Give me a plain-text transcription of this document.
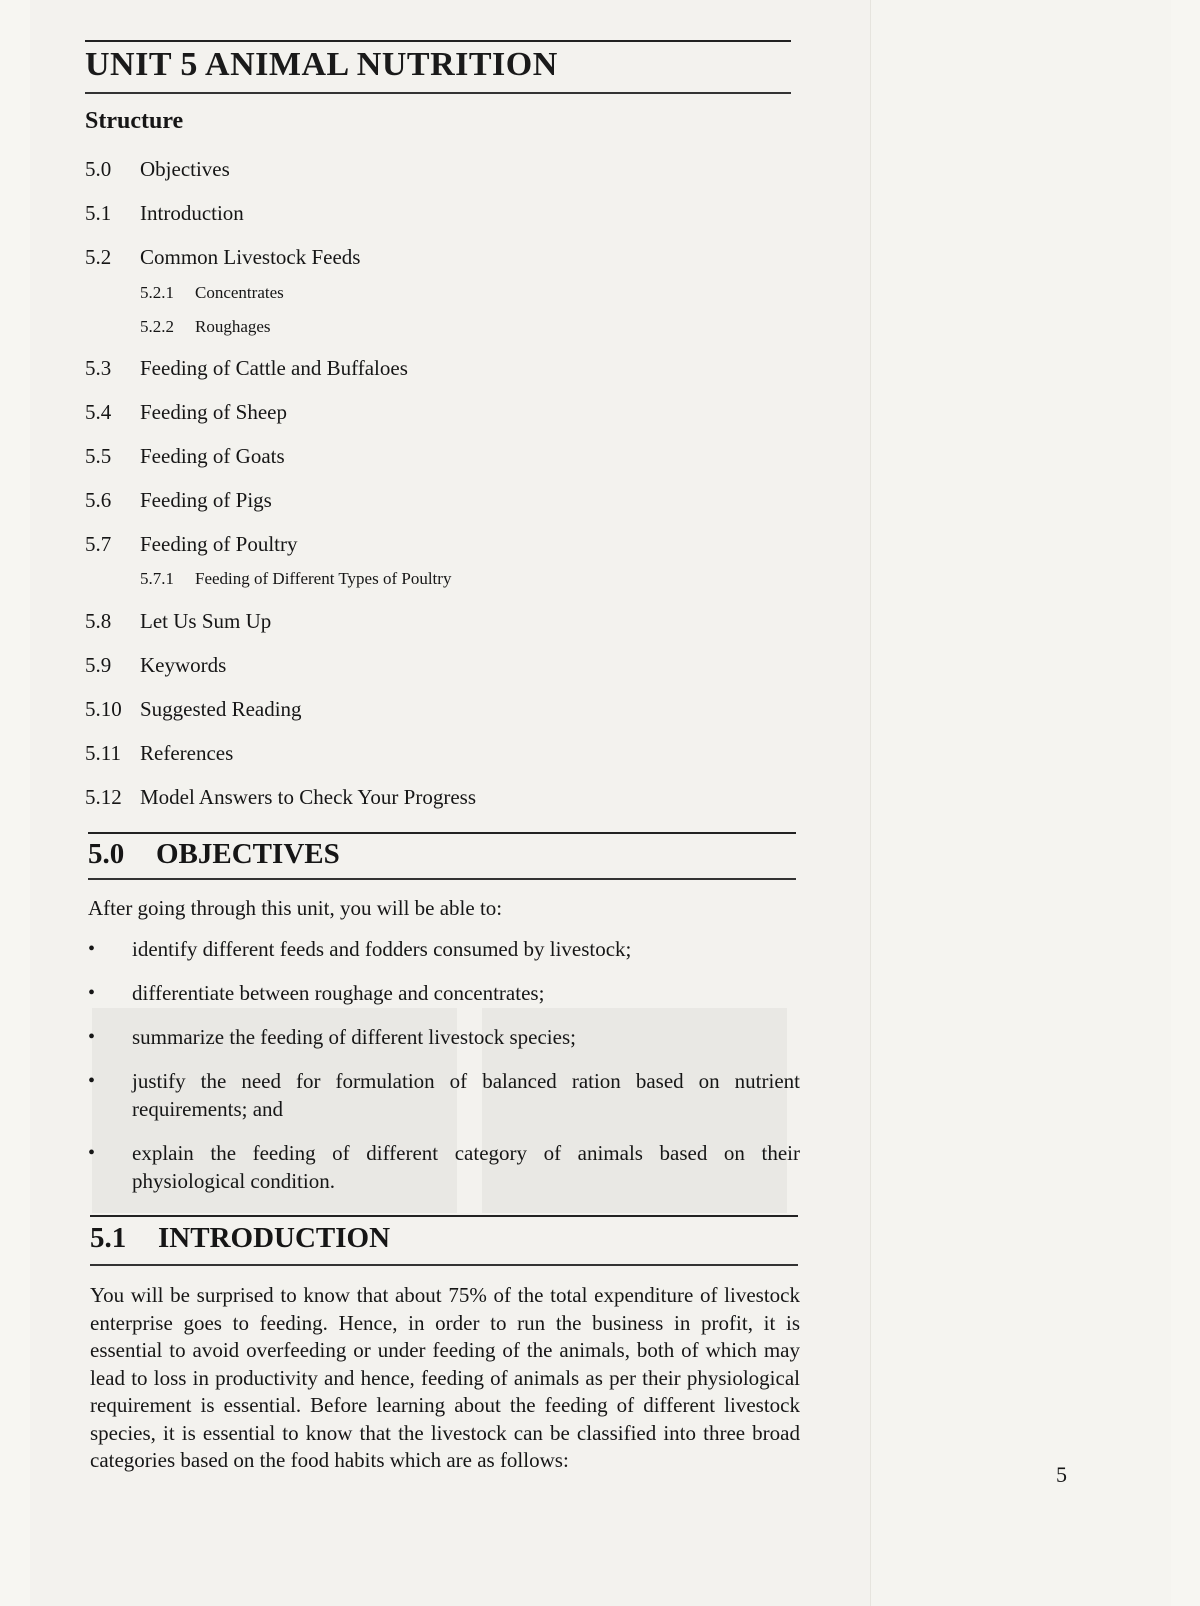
UNIT 5 ANIMAL NUTRITION
Structure
5.0 Objectives
5.1 Introduction
5.2 Common Livestock Feeds
5.2.1 Concentrates
5.2.2 Roughages
5.3 Feeding of Cattle and Buffaloes
5.4 Feeding of Sheep
5.5 Feeding of Goats
5.6 Feeding of Pigs
5.7 Feeding of Poultry
5.7.1 Feeding of Different Types of Poultry
5.8 Let Us Sum Up
5.9 Keywords
5.10 Suggested Reading
5.11 References
5.12 Model Answers to Check Your Progress
5.0 OBJECTIVES

After going through this unit, you will be able to:

• identify different feeds and fodders consumed by livestock;
• differentiate between roughage and concentrates;
• summarize the feeding of different livestock species;
• justify the need for formulation of balanced ration based on nutrient requirements; and
• explain the feeding of different category of animals based on their physiological condition.
5.1 INTRODUCTION

You will be surprised to know that about 75% of the total expenditure of livestock enterprise goes to feeding. Hence, in order to run the business in profit, it is essential to avoid overfeeding or under feeding of the animals, both of which may lead to loss in productivity and hence, feeding of animals as per their physiological requirement is essential. Before learning about the feeding of different livestock species, it is essential to know that the livestock can be classified into three broad categories based on the food habits which are as follows:

5
